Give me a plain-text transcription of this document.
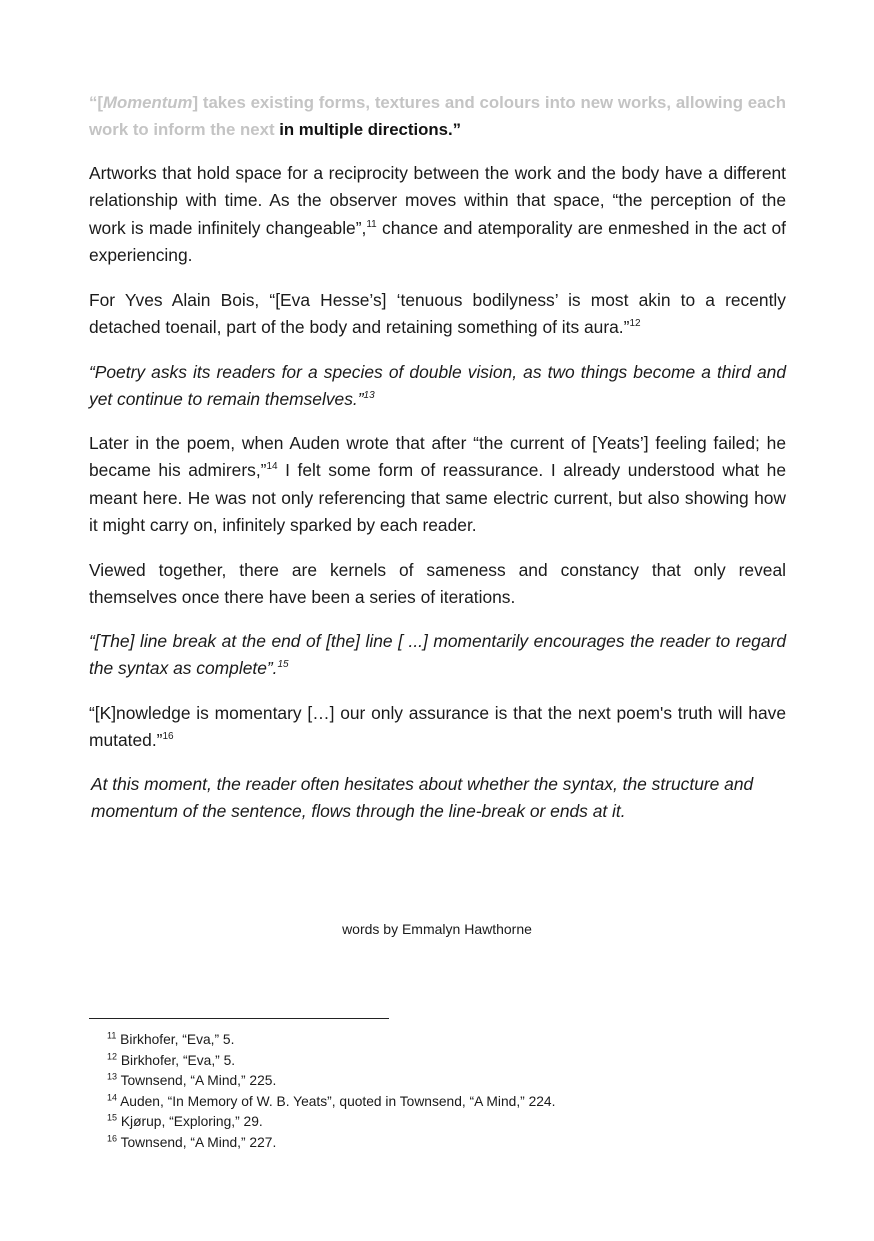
“[Momentum] takes existing forms, textures and colours into new works, allowing each work to inform the next in multiple directions.”

Artworks that hold space for a reciprocity between the work and the body have a different relationship with time. As the observer moves within that space, “the perception of the work is made infinitely changeable”,$^{11}$ chance and atemporality are enmeshed in the act of experiencing.

For Yves Alain Bois, “[Eva Hesse’s] ‘tenuous bodilyness’ is most akin to a recently detached toenail, part of the body and retaining something of its aura.”$^{12}$

“Poetry asks its readers for a species of double vision, as two things become a third and yet continue to remain themselves.”$^{13}$

Later in the poem, when Auden wrote that after “the current of [Yeats’] feeling failed; he became his admirers,”$^{14}$ I felt some form of reassurance. I already understood what he meant here. He was not only referencing that same electric current, but also showing how it might carry on, infinitely sparked by each reader.

Viewed together, there are kernels of sameness and constancy that only reveal themselves once there have been a series of iterations.

“[The] line break at the end of [the] line [ ...] momentarily encourages the reader to regard the syntax as complete”.$^{15}$

“[K]nowledge is momentary […] our only assurance is that the next poem's truth will have mutated.”$^{16}$

At this moment, the reader often hesitates about whether the syntax, the structure and momentum of the sentence, flows through the line-break or ends at it.

words by Emmalyn Hawthorne
$^{11}$ Birkhofer, “Eva,” 5.
$^{12}$ Birkhofer, “Eva,” 5.
$^{13}$ Townsend, “A Mind,” 225.
$^{14}$ Auden, “In Memory of W. B. Yeats”, quoted in Townsend, “A Mind,” 224.
$^{15}$ Kjørup, “Exploring,” 29.
$^{16}$ Townsend, “A Mind,” 227.
